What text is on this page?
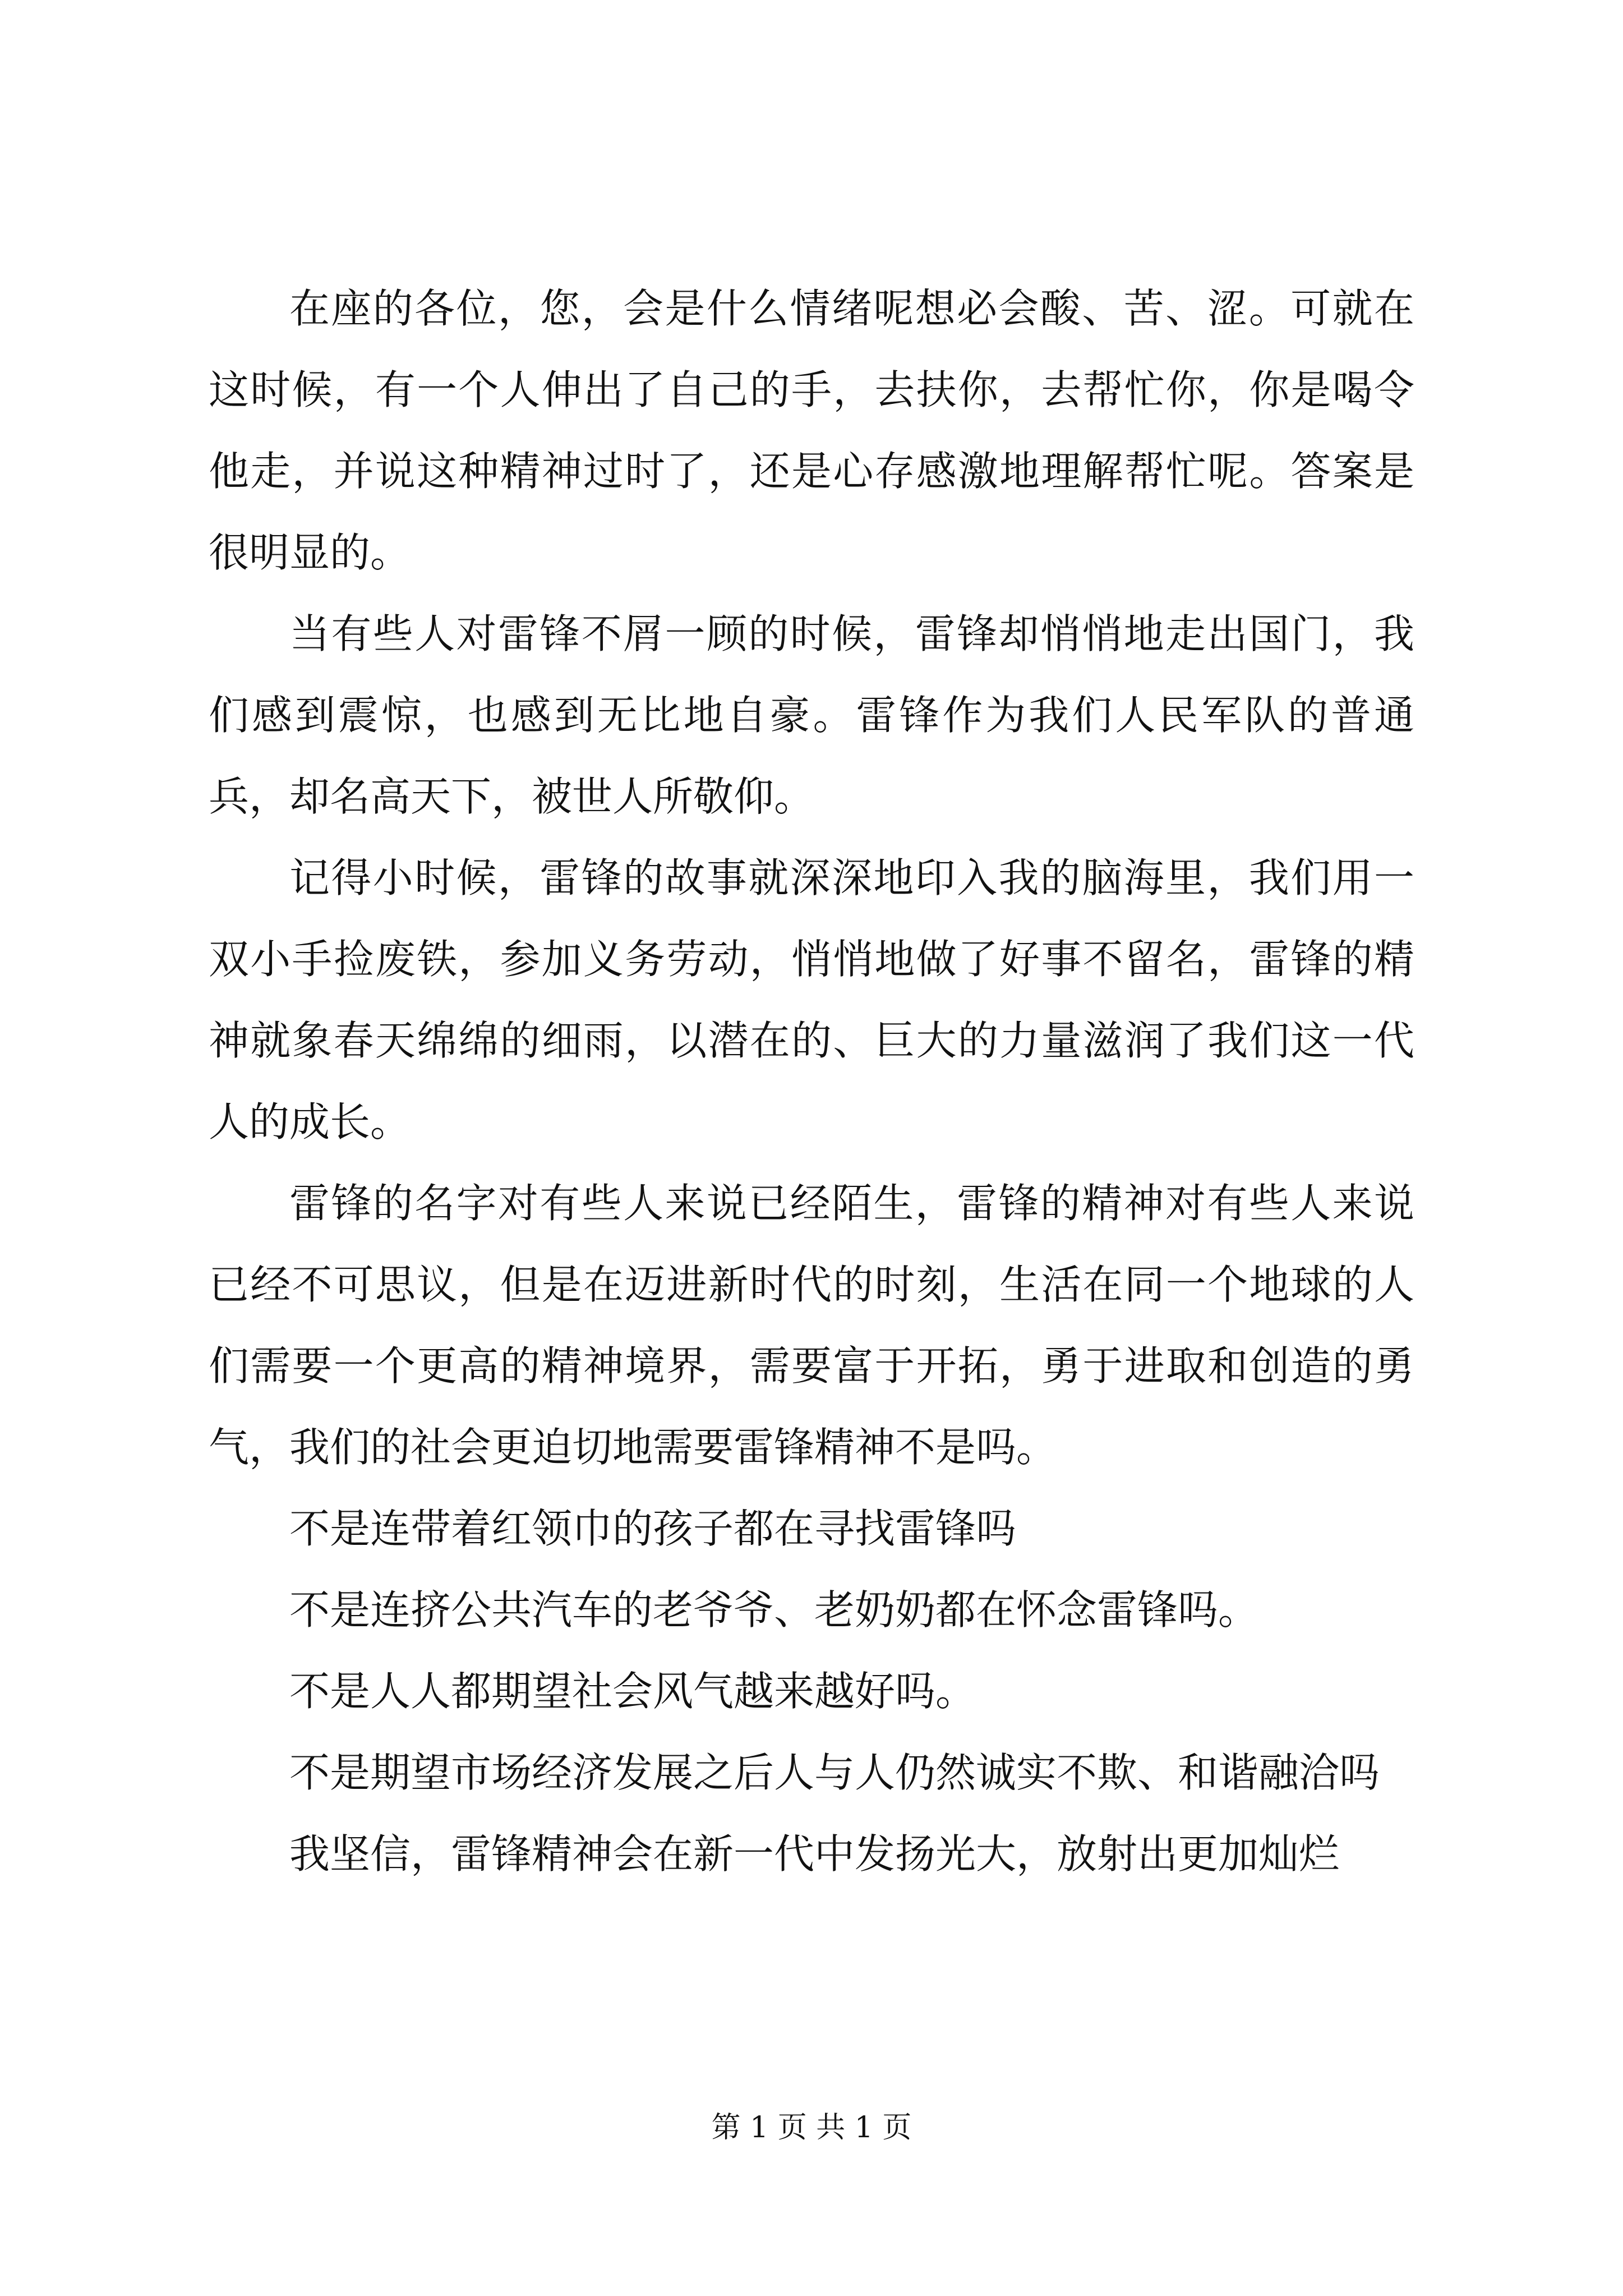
在座的各位，您，会是什么情绪呢想必会酸、苦、涩。可就在这时候，有一个人伸出了自己的手，去扶你，去帮忙你，你是喝令他走，并说这种精神过时了，还是心存感激地理解帮忙呢。答案是很明显的。

当有些人对雷锋不屑一顾的时候，雷锋却悄悄地走出国门，我们感到震惊，也感到无比地自豪。雷锋作为我们人民军队的普通兵，却名高天下，被世人所敬仰。

记得小时候，雷锋的故事就深深地印入我的脑海里，我们用一双小手捡废铁，参加义务劳动，悄悄地做了好事不留名，雷锋的精神就象春天绵绵的细雨，以潜在的、巨大的力量滋润了我们这一代人的成长。

雷锋的名字对有些人来说已经陌生，雷锋的精神对有些人来说已经不可思议，但是在迈进新时代的时刻，生活在同一个地球的人们需要一个更高的精神境界，需要富于开拓，勇于进取和创造的勇气，我们的社会更迫切地需要雷锋精神不是吗。

不是连带着红领巾的孩子都在寻找雷锋吗

不是连挤公共汽车的老爷爷、老奶奶都在怀念雷锋吗。

不是人人都期望社会风气越来越好吗。

不是期望市场经济发展之后人与人仍然诚实不欺、和谐融洽吗

我坚信，雷锋精神会在新一代中发扬光大，放射出更加灿烂

第 1 页 共 1 页
